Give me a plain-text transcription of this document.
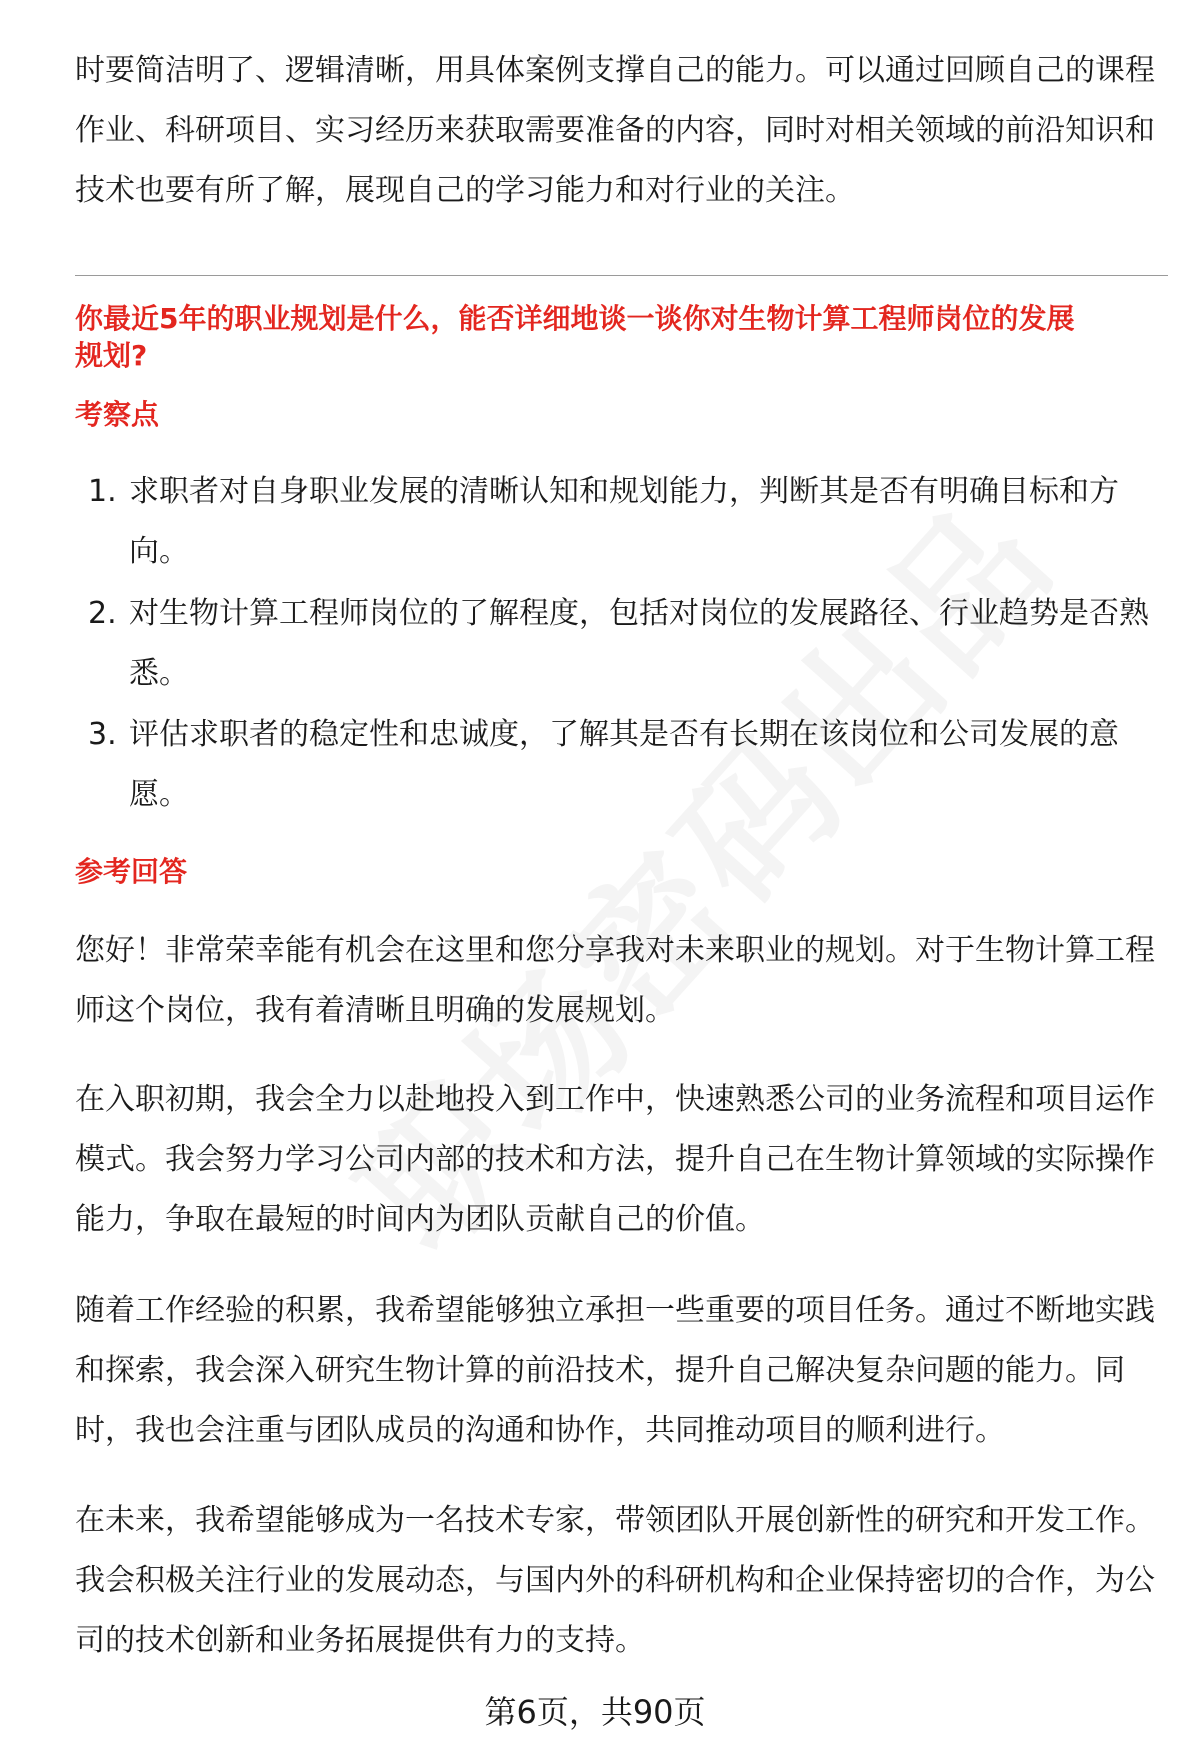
时要简洁明了、逻辑清晰，用具体案例支撑自己的能力。可以通过回顾自己的课程
作业、科研项目、实习经历来获取需要准备的内容，同时对相关领域的前沿知识和
技术也要有所了解，展现自己的学习能力和对行业的关注。
你最近5年的职业规划是什么，能否详细地谈一谈你对生物计算工程师岗位的发展
规划?
考察点
1. 求职者对自身职业发展的清晰认知和规划能力，判断其是否有明确目标和方
向。
2. 对生物计算工程师岗位的了解程度，包括对岗位的发展路径、行业趋势是否熟
悉。
3. 评估求职者的稳定性和忠诚度，了解其是否有长期在该岗位和公司发展的意
愿。
参考回答
您好！非常荣幸能有机会在这里和您分享我对未来职业的规划。对于生物计算工程
师这个岗位，我有着清晰且明确的发展规划。
在入职初期，我会全力以赴地投入到工作中，快速熟悉公司的业务流程和项目运作
模式。我会努力学习公司内部的技术和方法，提升自己在生物计算领域的实际操作
能力，争取在最短的时间内为团队贡献自己的价值。
随着工作经验的积累，我希望能够独立承担一些重要的项目任务。通过不断地实践
和探索，我会深入研究生物计算的前沿技术，提升自己解决复杂问题的能力。同
时，我也会注重与团队成员的沟通和协作，共同推动项目的顺利进行。
在未来，我希望能够成为一名技术专家，带领团队开展创新性的研究和开发工作。
我会积极关注行业的发展动态，与国内外的科研机构和企业保持密切的合作，为公
司的技术创新和业务拓展提供有力的支持。
第6页，共90页
